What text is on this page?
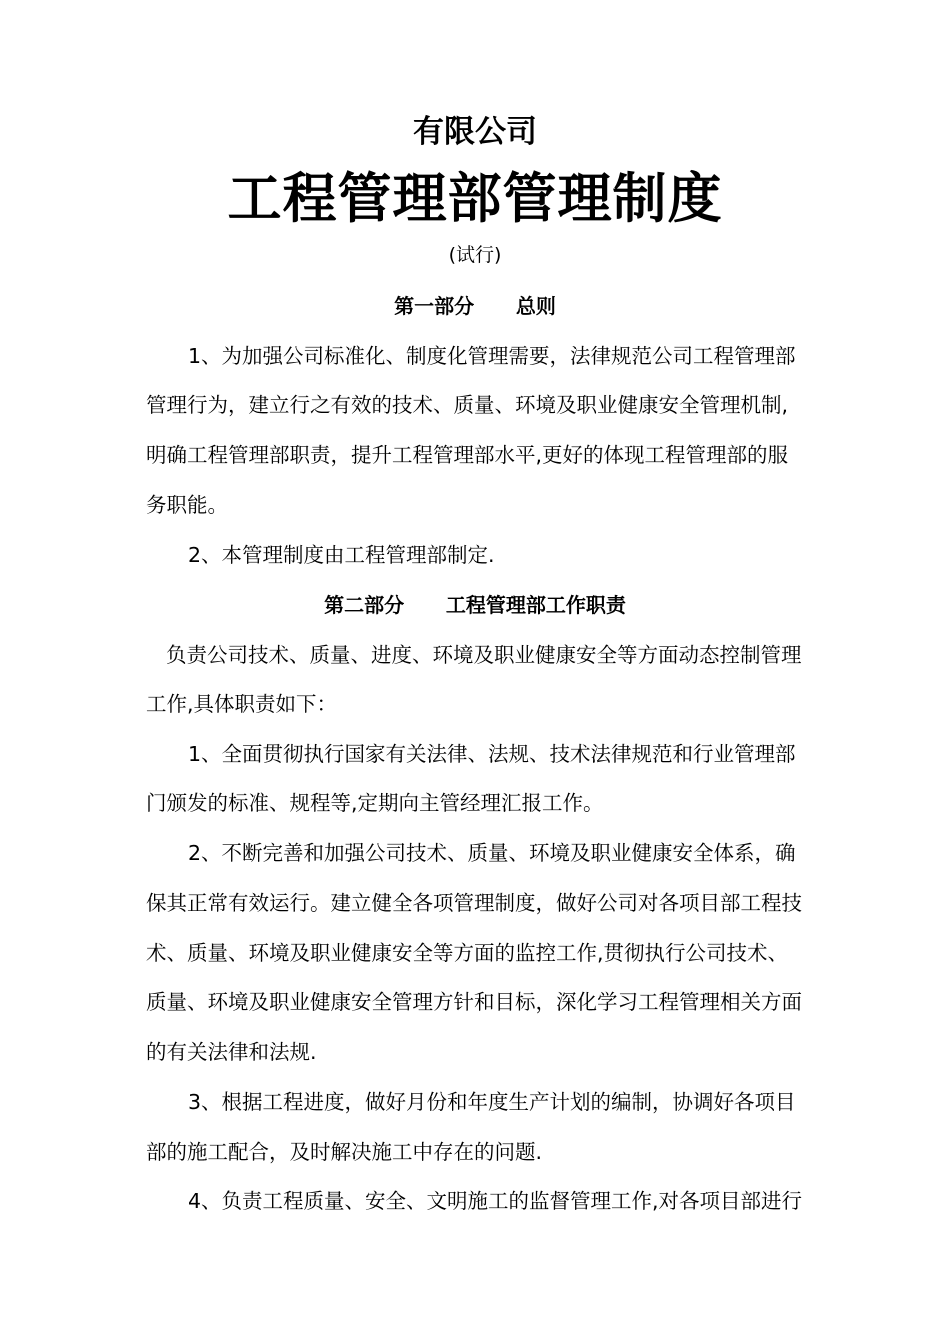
有限公司
工程管理部管理制度
(试行)
第一部分      总则
1、为加强公司标准化、制度化管理需要，法律规范公司工程管理部
管理行为，建立行之有效的技术、质量、环境及职业健康安全管理机制,
明确工程管理部职责，提升工程管理部水平,更好的体现工程管理部的服
务职能。
2、本管理制度由工程管理部制定.
第二部分      工程管理部工作职责
负责公司技术、质量、进度、环境及职业健康安全等方面动态控制管理
工作,具体职责如下：
1、全面贯彻执行国家有关法律、法规、技术法律规范和行业管理部
门颁发的标准、规程等,定期向主管经理汇报工作。
2、不断完善和加强公司技术、质量、环境及职业健康安全体系，确
保其正常有效运行。建立健全各项管理制度，做好公司对各项目部工程技
术、质量、环境及职业健康安全等方面的监控工作,贯彻执行公司技术、
质量、环境及职业健康安全管理方针和目标，深化学习工程管理相关方面
的有关法律和法规.
3、根据工程进度，做好月份和年度生产计划的编制，协调好各项目
部的施工配合，及时解决施工中存在的问题.
4、负责工程质量、安全、文明施工的监督管理工作,对各项目部进行
